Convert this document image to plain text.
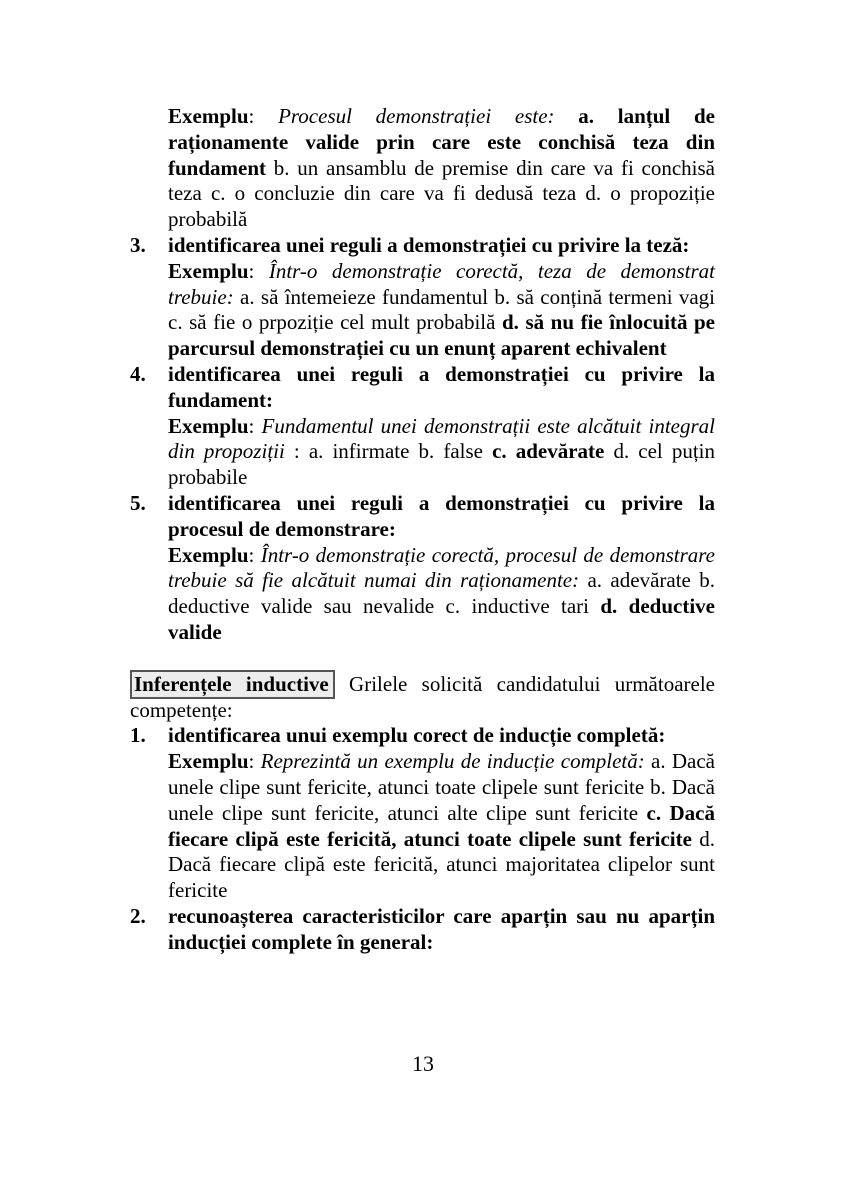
Exemplu: Procesul demonstrației este: a. lanțul de raționamente valide prin care este conchisă teza din fundament b. un ansamblu de premise din care va fi conchisă teza c. o concluzie din care va fi dedusă teza d. o propoziție probabilă

3.	identificarea unei reguli a demonstrației cu privire la teză:

Exemplu: Într-o demonstrație corectă, teza de demonstrat trebuie: a. să întemeieze fundamentul b. să conțină termeni vagi c. să fie o prpoziție cel mult probabilă d. să nu fie înlocuită pe parcursul demonstrației cu un enunț aparent echivalent

4.	identificarea unei reguli a demonstrației cu privire la fundament:

Exemplu: Fundamentul unei demonstrații este alcătuit integral din propoziții : a. infirmate b. false c. adevărate d. cel puțin probabile

5.	identificarea unei reguli a demonstrației cu privire la procesul de demonstrare:

Exemplu: Într-o demonstrație corectă, procesul de demonstrare trebuie să fie alcătuit numai din raționamente: a. adevărate b. deductive valide sau nevalide c. inductive tari d. deductive valide

Inferențele inductive Grilele solicită candidatului următoarele competențe:

1.	identificarea unui exemplu corect de inducție completă:

Exemplu: Reprezintă un exemplu de inducție completă: a. Dacă unele clipe sunt fericite, atunci toate clipele sunt fericite b. Dacă unele clipe sunt fericite, atunci alte clipe sunt fericite c. Dacă fiecare clipă este fericită, atunci toate clipele sunt fericite d. Dacă fiecare clipă este fericită, atunci majoritatea clipelor sunt fericite

2.	recunoașterea caracteristicilor care aparțin sau nu aparțin inducției complete în general:

13
